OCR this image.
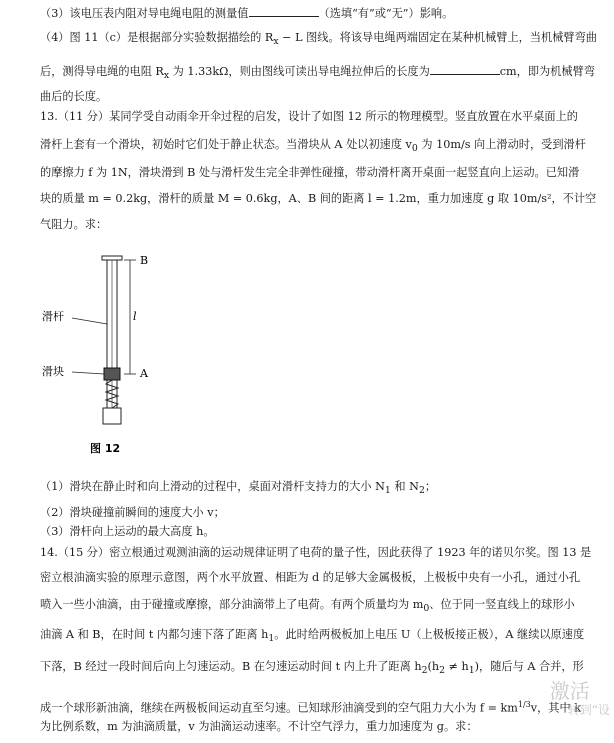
（3）该电压表内阻对导电绳电阻的测量值	（选填“有”或“无”）影响。
（4）图 11（c）是根据部分实验数据描绘的 $R_x - L$ 图线。将该导电绳两端固定在某种机械臂上，当机械臂弯曲
后，测得导电绳的电阻 $R_x$ 为 1.33kΩ，则由图线可读出导电绳拉伸后的长度为	cm，即为机械臂弯
曲后的长度。
13.（11 分）某同学受自动雨伞开伞过程的启发，设计了如图 12 所示的物理模型。竖直放置在水平桌面上的
滑杆上套有一个滑块，初始时它们处于静止状态。当滑块从 A 处以初速度 $v_0$ 为 10m/s 向上滑动时，受到滑杆
的摩擦力 f 为 1N，滑块滑到 B 处与滑杆发生完全非弹性碰撞，带动滑杆离开桌面一起竖直向上运动。已知滑
块的质量 m = 0.2kg，滑杆的质量 M = 0.6kg，A、B 间的距离 l = 1.2m，重力加速度 g 取 10m/s²，不计空
气阻力。求：
B
A
l
滑杆
滑块
图 12
（1）滑块在静止时和向上滑动的过程中，桌面对滑杆支持力的大小 $N_1$ 和 $N_2$；
（2）滑块碰撞前瞬间的速度大小 v；
（3）滑杆向上运动的最大高度 h。
14.（15 分）密立根通过观测油滴的运动规律证明了电荷的量子性，因此获得了 1923 年的诺贝尔奖。图 13 是
密立根油滴实验的原理示意图，两个水平放置、相距为 d 的足够大金属极板，上极板中央有一小孔，通过小孔
喷入一些小油滴，由于碰撞或摩擦，部分油滴带上了电荷。有两个质量均为 $m_0$、位于同一竖直线上的球形小
油滴 A 和 B，在时间 t 内都匀速下落了距离 $h_1$。此时给两极板加上电压 U（上极板接正极），A 继续以原速度
下落，B 经过一段时间后向上匀速运动。B 在匀速运动时间 t 内上升了距离 $h_2(h_2 \ne h_1)$，随后与 A 合并，形
成一个球形新油滴，继续在两极板间运动直至匀速。已知球形油滴受到的空气阻力大小为 $f = km^{1/3}v$，其中 k
为比例系数，m 为油滴质量，v 为油滴运动速率。不计空气浮力，重力加速度为 g。求：
激活
转到“设
